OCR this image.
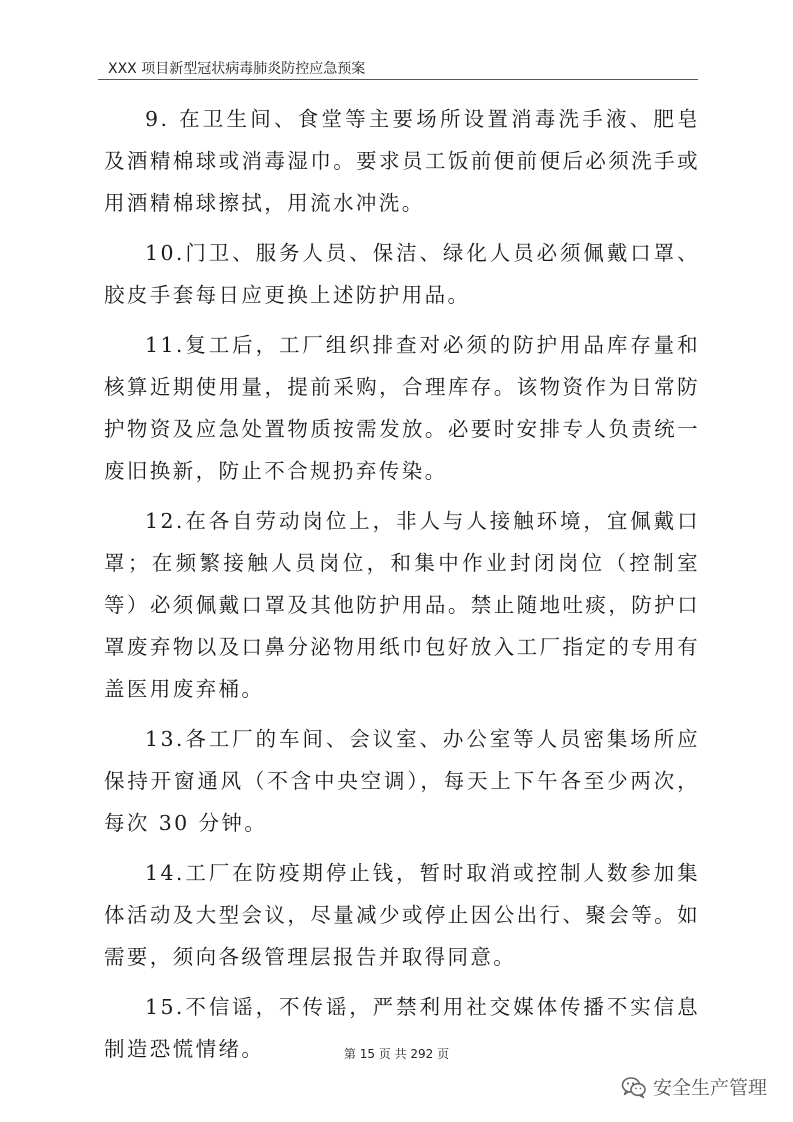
XXX 项目新型冠状病毒肺炎防控应急预案

9. 在卫生间、食堂等主要场所设置消毒洗手液、肥皂及酒精棉球或消毒湿巾。要求员工饭前便前便后必须洗手或用酒精棉球擦拭，用流水冲洗。

10.门卫、服务人员、保洁、绿化人员必须佩戴口罩、胶皮手套每日应更换上述防护用品。

11.复工后，工厂组织排查对必须的防护用品库存量和核算近期使用量，提前采购，合理库存。该物资作为日常防护物资及应急处置物质按需发放。必要时安排专人负责统一废旧换新，防止不合规扔弃传染。

12.在各自劳动岗位上，非人与人接触环境，宜佩戴口罩；在频繁接触人员岗位，和集中作业封闭岗位（控制室等）必须佩戴口罩及其他防护用品。禁止随地吐痰，防护口罩废弃物以及口鼻分泌物用纸巾包好放入工厂指定的专用有盖医用废弃桶。

13.各工厂的车间、会议室、办公室等人员密集场所应保持开窗通风（不含中央空调），每天上下午各至少两次，每次 30 分钟。

14.工厂在防疫期停止钱，暂时取消或控制人数参加集体活动及大型会议，尽量减少或停止因公出行、聚会等。如需要，须向各级管理层报告并取得同意。

15.不信谣，不传谣，严禁利用社交媒体传播不实信息制造恐慌情绪。	第 15 页 共 292 页
安全生产管理
